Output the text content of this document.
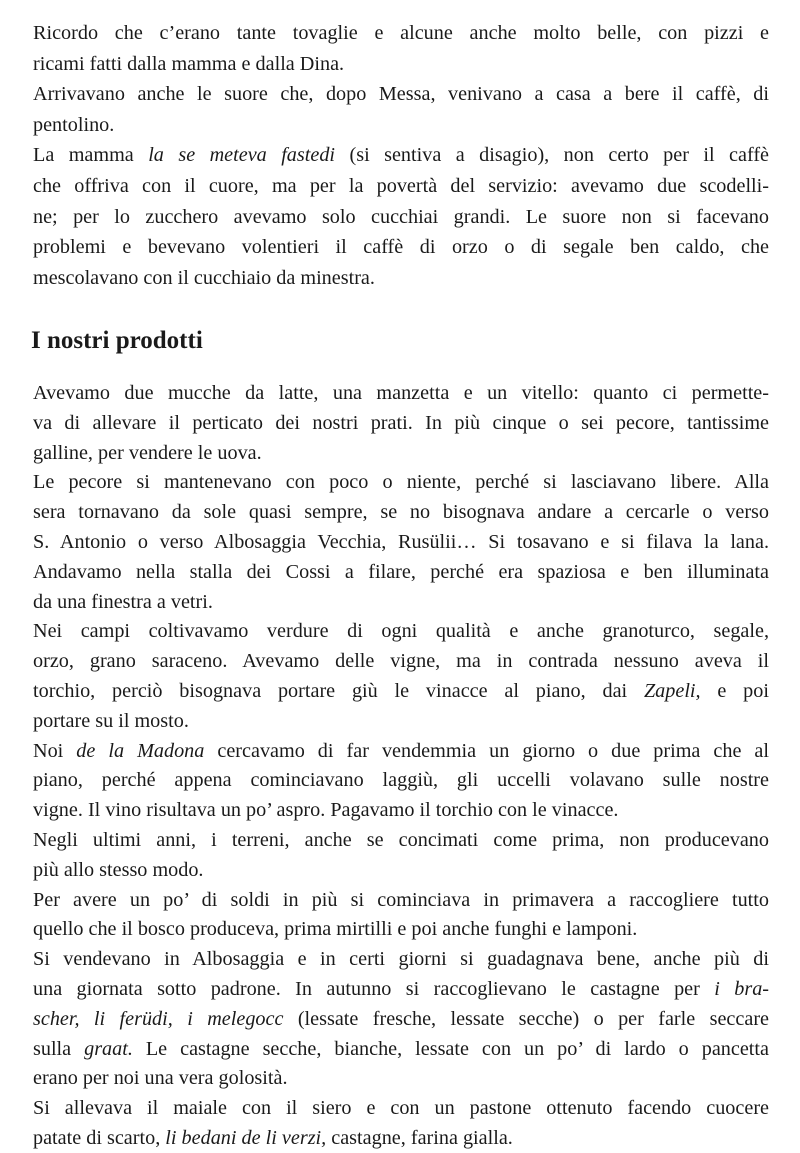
Ricordo che c’erano tante tovaglie e alcune anche molto belle, con pizzi e
ricami fatti dalla mamma e dalla Dina.
Arrivavano anche le suore che, dopo Messa, venivano a casa a bere il caffè, di
pentolino.
La mamma la se meteva fastedi (si sentiva a disagio), non certo per il caffè
che offriva con il cuore, ma per la povertà del servizio: avevamo due scodelli-
ne; per lo zucchero avevamo solo cucchiai grandi. Le suore non si facevano
problemi e bevevano volentieri il caffè di orzo o di segale ben caldo, che
mescolavano con il cucchiaio da minestra.
I nostri prodotti
Avevamo due mucche da latte, una manzetta e un vitello: quanto ci permette-
va di allevare il perticato dei nostri prati. In più cinque o sei pecore, tantissime
galline, per vendere le uova.
Le pecore si mantenevano con poco o niente, perché si lasciavano libere. Alla
sera tornavano da sole quasi sempre, se no bisognava andare a cercarle o verso
S. Antonio o verso Albosaggia Vecchia, Rusülii… Si tosavano e si filava la lana.
Andavamo nella stalla dei Cossi a filare, perché era spaziosa e ben illuminata
da una finestra a vetri.
Nei campi coltivavamo verdure di ogni qualità e anche granoturco, segale,
orzo, grano saraceno. Avevamo delle vigne, ma in contrada nessuno aveva il
torchio, perciò bisognava portare giù le vinacce al piano, dai Zapeli, e poi
portare su il mosto.
Noi de la Madona cercavamo di far vendemmia un giorno o due prima che al
piano, perché appena cominciavano laggiù, gli uccelli volavano sulle nostre
vigne. Il vino risultava un po’ aspro. Pagavamo il torchio con le vinacce.
Negli ultimi anni, i terreni, anche se concimati come prima, non producevano
più allo stesso modo.
Per avere un po’ di soldi in più si cominciava in primavera a raccogliere tutto
quello che il bosco produceva, prima mirtilli e poi anche funghi e lamponi.
Si vendevano in Albosaggia e in certi giorni si guadagnava bene, anche più di
una giornata sotto padrone. In autunno si raccoglievano le castagne per i bra-
scher, li ferüdi, i melegocc (lessate fresche, lessate secche) o per farle seccare
sulla graat. Le castagne secche, bianche, lessate con un po’ di lardo o pancetta
erano per noi una vera golosità.
Si allevava il maiale con il siero e con un pastone ottenuto facendo cuocere
patate di scarto, li bedani de li verzi, castagne, farina gialla.
